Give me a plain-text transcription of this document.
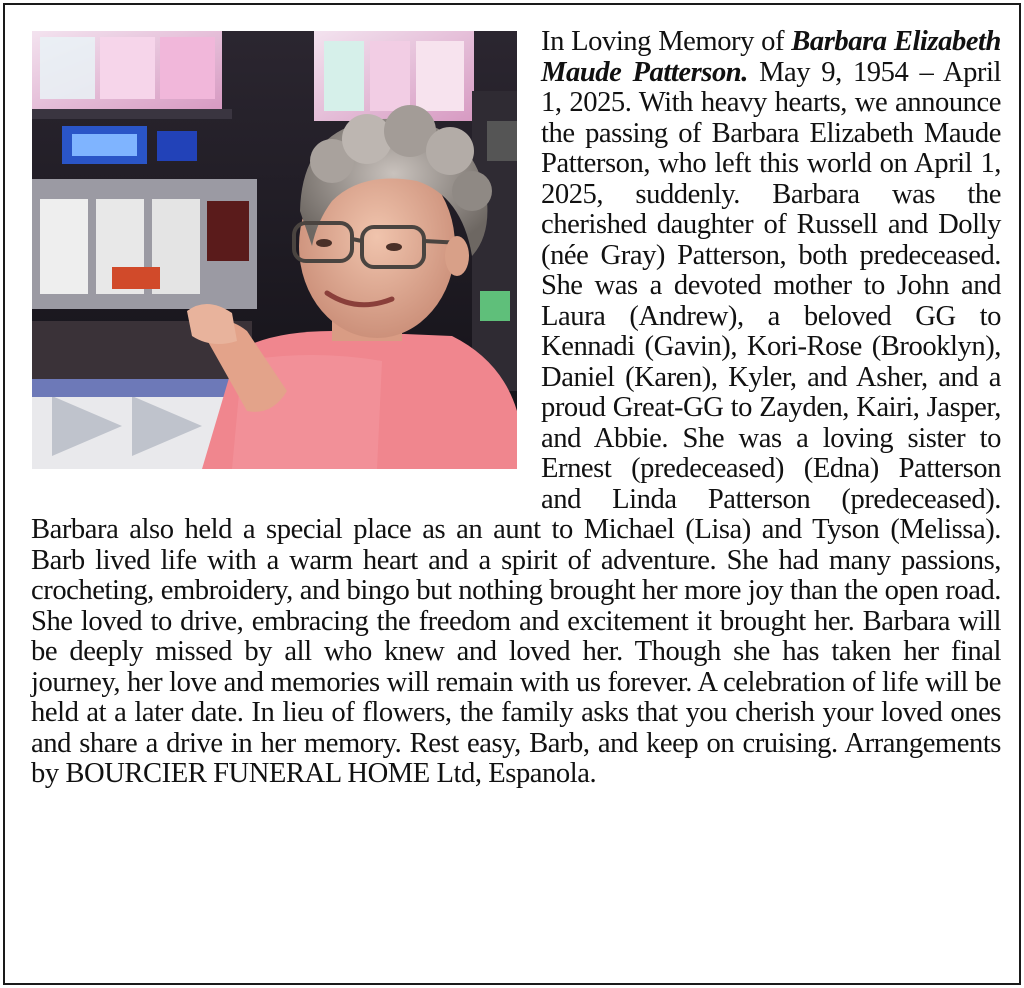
In Loving Memory of Barbara Elizabeth Maude Patterson. May 9, 1954 – April 1, 2025. With heavy hearts, we announce the passing of Barbara Elizabeth Maude Patterson, who left this world on April 1, 2025, suddenly. Barbara was the cherished daughter of Russell and Dolly (née Gray) Patterson, both predeceased. She was a devoted mother to John and Laura (Andrew), a beloved GG to Kennadi (Gavin), Kori-Rose (Brooklyn), Daniel (Karen), Kyler, and Asher, and a proud Great-GG to Zayden, Kairi, Jasper, and Abbie. She was a loving sister to Ernest (predeceased) (Edna) Patterson and Linda Patterson (predeceased). Barbara also held a special place as an aunt to Michael (Lisa) and Tyson (Melissa). Barb lived life with a warm heart and a spirit of adventure. She had many passions, crocheting, embroidery, and bingo but nothing brought her more joy than the open road. She loved to drive, embracing the freedom and excitement it brought her. Barbara will be deeply missed by all who knew and loved her. Though she has taken her final journey, her love and memories will remain with us forever. A celebration of life will be held at a later date. In lieu of flowers, the family asks that you cherish your loved ones and share a drive in her memory. Rest easy, Barb, and keep on cruising. Arrangements by BOURCIER FUNERAL HOME Ltd, Espanola.
